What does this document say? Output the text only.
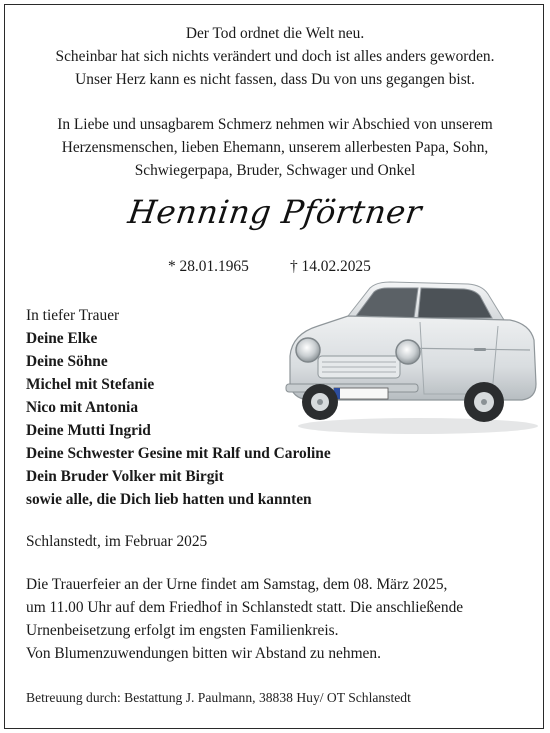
Der Tod ordnet die Welt neu.
Scheinbar hat sich nichts verändert und doch ist alles anders geworden.
Unser Herz kann es nicht fassen, dass Du von uns gegangen bist.
In Liebe und unsagbarem Schmerz nehmen wir Abschied von unserem
Herzensmenschen, lieben Ehemann, unserem allerbesten Papa, Sohn,
Schwiegerpapa, Bruder, Schwager und Onkel
Henning Pförtner
* 28.01.1965	† 14.02.2025
In tiefer Trauer
Deine Elke
Deine Söhne
Michel mit Stefanie
Nico mit Antonia
Deine Mutti Ingrid
Deine Schwester Gesine mit Ralf und Caroline
Dein Bruder Volker mit Birgit
sowie alle, die Dich lieb hatten und kannten
Schlanstedt, im Februar 2025
Die Trauerfeier an der Urne findet am Samstag, dem 08. März 2025,
um 11.00 Uhr auf dem Friedhof in Schlanstedt statt. Die anschließende
Urnenbeisetzung erfolgt im engsten Familienkreis.
Von Blumenzuwendungen bitten wir Abstand zu nehmen.
Betreuung durch: Bestattung J. Paulmann, 38838 Huy/ OT Schlanstedt
